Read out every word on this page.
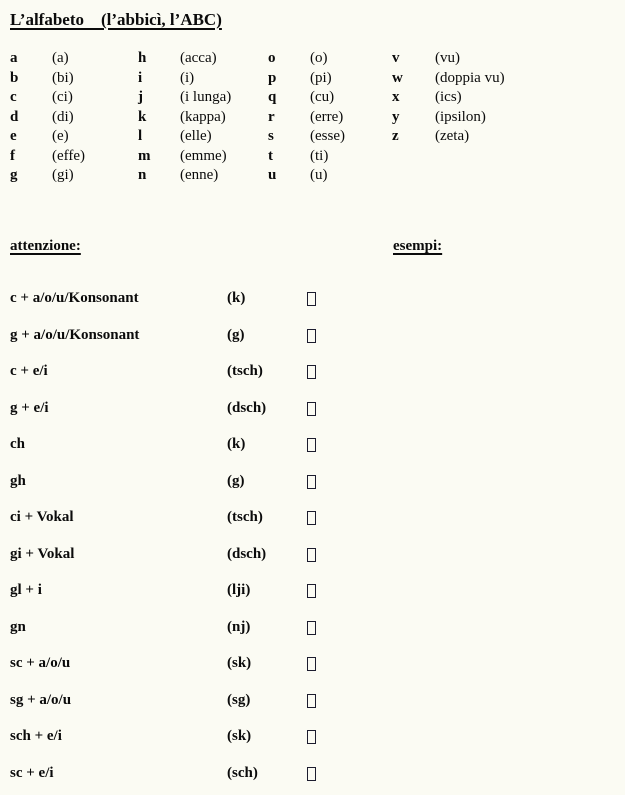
L’alfabeto    (l’abbicì, l’ABC)
a	(a)	h	(acca)	o	(o)	v	(vu)
b	(bi)	i	(i)	p	(pi)	w	(doppia vu)
c	(ci)	j	(i lunga)	q	(cu)	x	(ics)
d	(di)	k	(kappa)	r	(erre)	y	(ipsilon)
e	(e)	l	(elle)	s	(esse)	z	(zeta)
f	(effe)	m	(emme)	t	(ti)
g	(gi)	n	(enne)	u	(u)
attenzione:	esempi:
c + a/o/u/Konsonant	(k)
g + a/o/u/Konsonant	(g)
c + e/i	(tsch)
g + e/i	(dsch)
ch	(k)
gh	(g)
ci + Vokal	(tsch)
gi + Vokal	(dsch)
gl + i	(lji)
gn	(nj)
sc + a/o/u	(sk)
sg + a/o/u	(sg)
sch + e/i	(sk)
sc + e/i	(sch)
